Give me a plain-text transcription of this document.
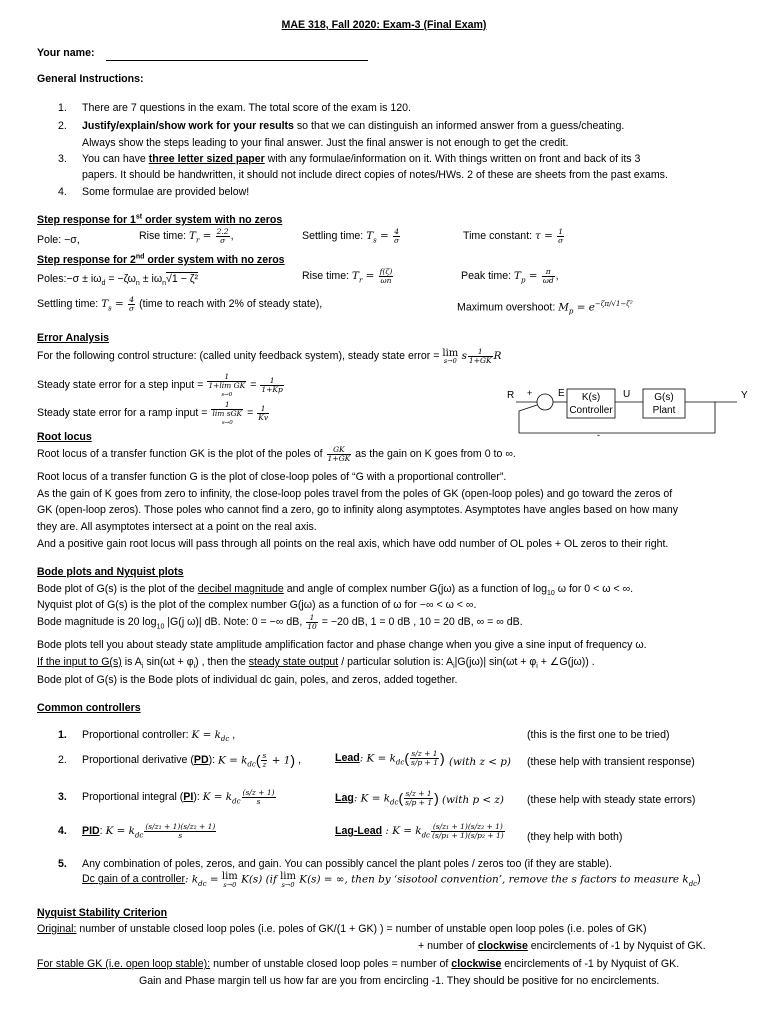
MAE 318, Fall 2020: Exam-3 (Final Exam)
Your name:
General Instructions:
1. There are 7 questions in the exam. The total score of the exam is 120.
2. Justify/explain/show work for your results so that we can distinguish an informed answer from a guess/cheating.
Always show the steps leading to your final answer. Just the final answer is not enough to get the credit.
3. You can have three letter sized paper with any formulae/information on it. With things written on front and back of its 3
papers. It should be handwritten, it should not include direct copies of notes/HWs. 2 of these are sheets from the past exams.
4. Some formulae are provided below!
Step response for 1st order system with no zeros
Pole: −σ,	Rise time: $T_r = \frac{2.2}{\sigma}$ ,	Settling time: $T_s = \frac{4}{\sigma}$	Time constant: $\tau = \frac{1}{\sigma}$
Step response for 2nd order system with no zeros
Poles:−σ ± $i\omega_d = -\zeta\omega_n \pm i\omega_n√1 - \zeta^2$	Rise time: $T_r = \frac{f(\zeta)}{\omega n}$	Peak time: $T_p = \frac{\pi}{\omega d}$ ,
Settling time: $T_s = \frac{4}{\sigma}$ (time to reach with 2% of steady state),	Maximum overshoot: $M_p = e^{-\zeta\pi/√1-\zeta^2}$
Error Analysis
For the following control structure: (called unity feedback system), steady state error = lim
s→0 s $\frac{1}{1+GK}$ R
Steady state error for a step input =
1
1+lim GK
s→0
= $\frac{1}{1+Kp}$
Steady state error for a ramp input =
1
lim sGK
s→0
= $\frac{1}{Kv}$
R +	E K(s)
Controller
U G(s)
Plant
Y
-
Root locus
Root locus of a transfer function GK is the plot of the poles of $\frac{GK}{1+GK}$ as the gain on K goes from 0 to ∞.
Root locus of a transfer function G is the plot of close-loop poles of “G with a proportional controller”.
As the gain of K goes from zero to infinity, the close-loop poles travel from the poles of GK (open-loop poles) and go toward the zeros of
GK (open-loop zeros). Those poles who cannot find a zero, go to infinity along asymptotes. Asymptotes have angles based on how many
they are. All asymptotes intersect at a point on the real axis.
And a positive gain root locus will pass through all points on the real axis, which have odd number of OL poles + OL zeros to their right.
Bode plots and Nyquist plots
Bode plot of G(s) is the plot of the decibel magnitude and angle of complex number G(jω) as a function of $\log_{10} \omega$ for 0 < ω < ∞.
Nyquist plot of G(s) is the plot of the complex number G(jω) as a function of ω for −∞ < ω < ∞.
Bode magnitude is 20 $\log_{10} |G(j$ ω)| dB. Note: 0 = −∞ dB, $\frac{1}{10} = -20$ dB, 1 = 0 dB , 10 = 20 dB, ∞ = ∞ dB.
Bode plots tell you about steady state amplitude amplification factor and phase change when you give a sine input of frequency ω.
If the input to G(s) is $A_i$ $\sin(\omega t + \varphi_i)$ , then the steady state output / particular solution is: $A_i|G(j\omega)|$ $\sin(\omega t + \varphi_i$ + ∠G(jω)) .
Bode plot of G(s) is the Bode plots of individual dc gain, poles, and zeros, added together.
Common controllers
1. Proportional controller: $K = k_{dc}$ ,	(this is the first one to be tried)
2. Proportional derivative (PD): $K = k_{dc}( \frac{s}{z} + 1)$ ,	Lead: $K = k_{dc}( \frac{s/z + 1}{s/p + 1}$ ) (with z < p) (these help with transient response)
3. Proportional integral (PI): $K = k_{dc} \frac{(s/z + 1)}{s}$	Lag: $K = k_{dc}( \frac{s/z + 1}{s/p + 1}$ ) (with p < z) (these help with steady state errors)
4. PID: $K = k_{dc} \frac{\text{(s/z₁ + 1)(s/z₂ + 1)}}{s}$	Lag-Lead : $K = k_{dc} \frac{\text{(s/z₁ + 1)(s/z₂ + 1)}}{\text{(s/p₁ + 1)(s/p₂ + 1)}}$ (they help with both)
5. Any combination of poles, zeros, and gain. You can possibly cancel the plant poles / zeros too (if they are stable).
Dc gain of a controller: $k_{dc} = \lim$
s→0 K(s) (if lim
s→0 K(s) = ∞, then by ‘sisotool convention’, remove the s factors to measure $k_{dc}$)
Nyquist Stability Criterion
Original: number of unstable closed loop poles (i.e. poles of GK/(1 + GK) ) = number of unstable open loop poles (i.e. poles of GK)
+ number of clockwise encirclements of -1 by Nyquist of GK.
For stable GK (i.e. open loop stable): number of unstable closed loop poles = number of clockwise encirclements of -1 by Nyquist of GK.
Gain and Phase margin tell us how far are you from encircling -1. They should be positive for no encirclements.
